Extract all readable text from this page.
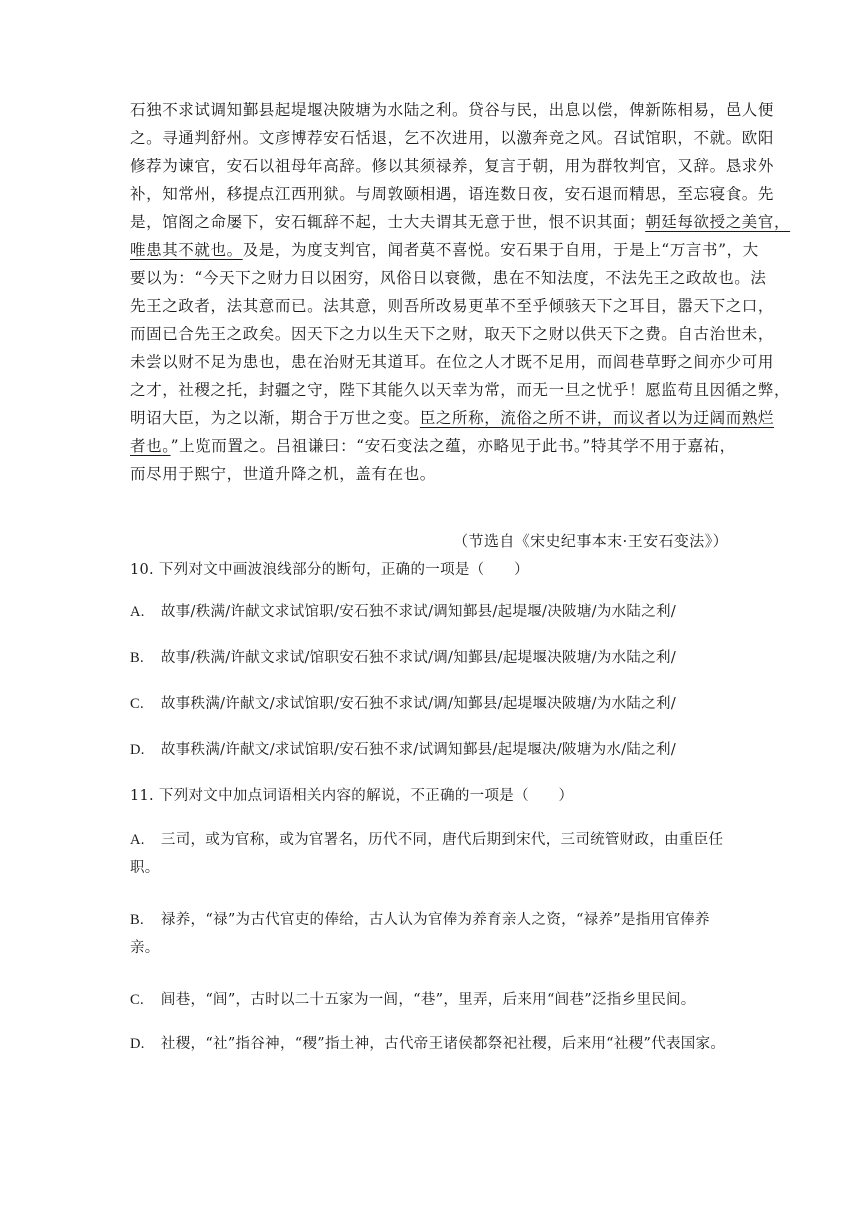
石独不求试调知鄞县起堤堰决陂塘为水陆之利。贷谷与民，出息以偿，俾新陈相易，邑人便
之。寻通判舒州。文彦博荐安石恬退，乞不次进用，以激奔竞之风。召试馆职，不就。欧阳
修荐为谏官，安石以祖母年高辞。修以其须禄养，复言于朝，用为群牧判官，又辞。恳求外
补，知常州，移提点江西刑狱。与周敦颐相遇，语连数日夜，安石退而精思，至忘寝食。先
是，馆阁之命屡下，安石辄辞不起，士大夫谓其无意于世，恨不识其面；朝廷每欲授之美官，
唯患其不就也。及是，为度支判官，闻者莫不喜悦。安石果于自用，于是上“万言书”，大
要以为：“今天下之财力日以困穷，风俗日以衰微，患在不知法度，不法先王之政故也。法
先王之政者，法其意而已。法其意，则吾所改易更革不至乎倾骇天下之耳目，嚣天下之口，
而固已合先王之政矣。因天下之力以生天下之财，取天下之财以供天下之费。自古治世未，
未尝以财不足为患也，患在治财无其道耳。在位之人才既不足用，而闾巷草野之间亦少可用
之才，社稷之托，封疆之守，陛下其能久以天幸为常，而无一旦之忧乎！愿监苟且因循之弊，
明诏大臣，为之以渐，期合于万世之变。臣之所称，流俗之所不讲，而议者以为迂阔而熟烂
者也。”上览而置之。吕祖谦曰：“安石变法之蕴，亦略见于此书。”特其学不用于嘉祐，
而尽用于熙宁，世道升降之机，盖有在也。
（节选自《宋史纪事本末·王安石变法》）
10. 下列对文中画波浪线部分的断句，正确的一项是（　　）
A. 故事/秩满/许献文求试馆职/安石独不求试/调知鄞县/起堤堰/决陂塘/为水陆之利/
B. 故事/秩满/许献文求试/馆职安石独不求试/调/知鄞县/起堤堰决陂塘/为水陆之利/
C. 故事秩满/许献文/求试馆职/安石独不求试/调/知鄞县/起堤堰决陂塘/为水陆之利/
D. 故事秩满/许献文/求试馆职/安石独不求/试调知鄞县/起堤堰决/陂塘为水/陆之利/
11. 下列对文中加点词语相关内容的解说，不正确的一项是（　　）
A. 三司，或为官称，或为官署名，历代不同，唐代后期到宋代，三司统管财政，由重臣任职。
B. 禄养，“禄”为古代官吏的俸给，古人认为官俸为养育亲人之资，“禄养”是指用官俸养亲。
C. 闾巷，“闾”，古时以二十五家为一闾，“巷”，里弄，后来用“闾巷”泛指乡里民间。
D. 社稷，“社”指谷神，“稷”指土神，古代帝王诸侯都祭祀社稷，后来用“社稷”代表国家。
